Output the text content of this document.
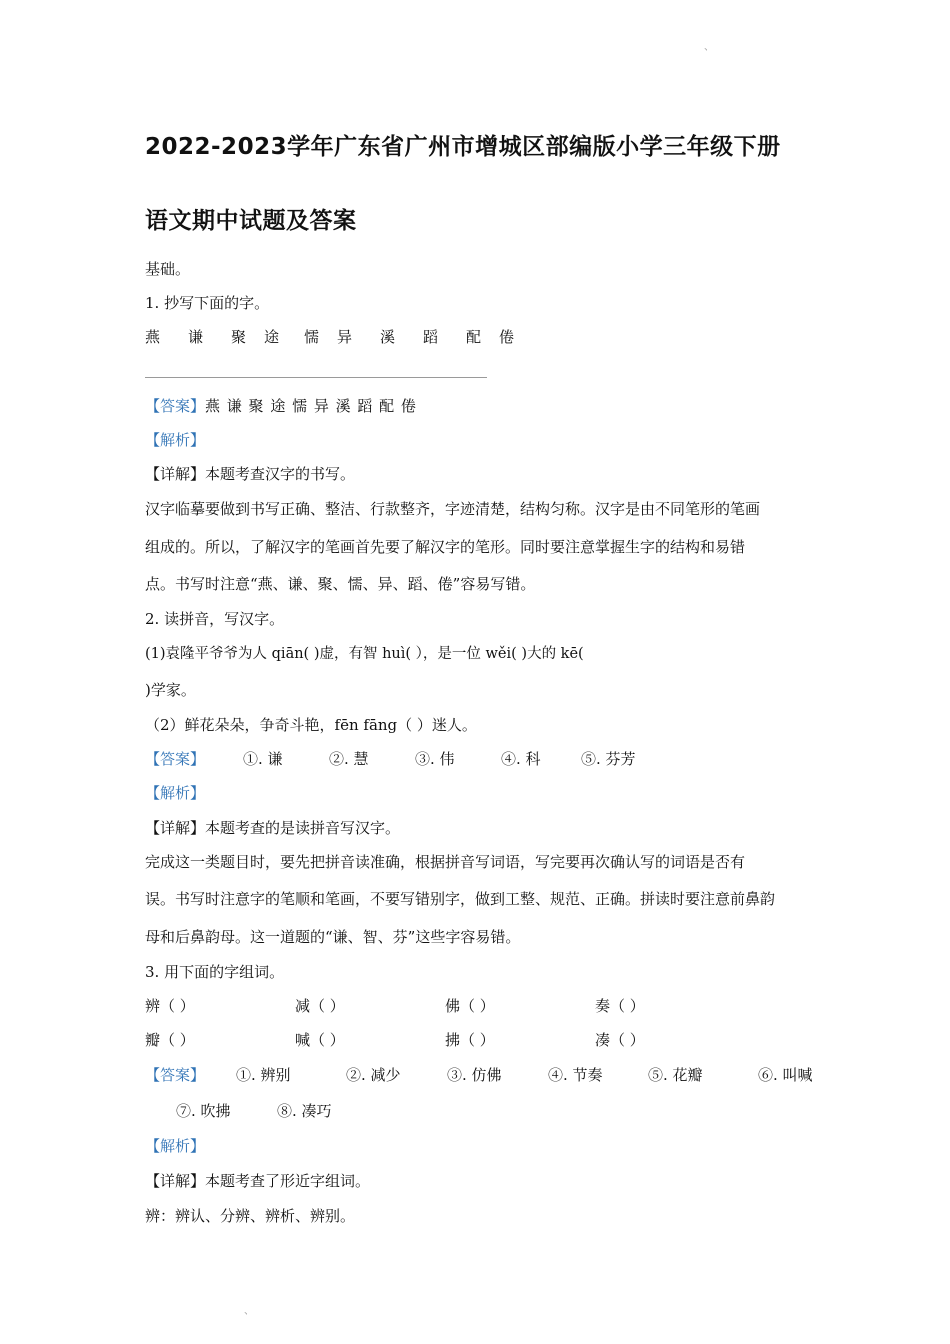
、
2022-2023学年广东省广州市增城区部编版小学三年级下册
语文期中试题及答案
基础。
1. 抄写下面的字。
燕 谦 聚 途 懦 异 溪 蹈 配 倦
【答案】燕 谦 聚 途 懦 异 溪 蹈 配 倦
【解析】
【详解】本题考查汉字的书写。
汉字临摹要做到书写正确、整洁、行款整齐，字迹清楚，结构匀称。汉字是由不同笔形的笔画
组成的。所以，了解汉字的笔画首先要了解汉字的笔形。同时要注意掌握生字的结构和易错
点。书写时注意“燕、谦、聚、懦、异、蹈、倦”容易写错。
2. 读拼音，写汉字。
(1)袁隆平爷爷为人 qiān( )虚，有智 huì( ），是一位 wěi( )大的 kē(
)学家。
（2）鲜花朵朵，争奇斗艳，fēn fāng（ ）迷人。
【答案】	①. 谦	②. 慧	③. 伟	④. 科	⑤. 芬芳
【解析】
【详解】本题考查的是读拼音写汉字。
完成这一类题目时，要先把拼音读准确，根据拼音写词语，写完要再次确认写的词语是否有
误。书写时注意字的笔顺和笔画，不要写错别字，做到工整、规范、正确。拼读时要注意前鼻韵
母和后鼻韵母。这一道题的“谦、智、芬”这些字容易错。
3. 用下面的字组词。
辨（ ）	减（ ）	佛（ ）	奏（ ）
瓣（ ）	喊（ ）	拂（ ）	凑（ ）
【答案】 ①. 辨别	②. 减少	③. 仿佛	④. 节奏	⑤. 花瓣	⑥. 叫喊
⑦. 吹拂	⑧. 凑巧
【解析】
【详解】本题考查了形近字组词。
辨：辨认、分辨、辨析、辨别。
、
